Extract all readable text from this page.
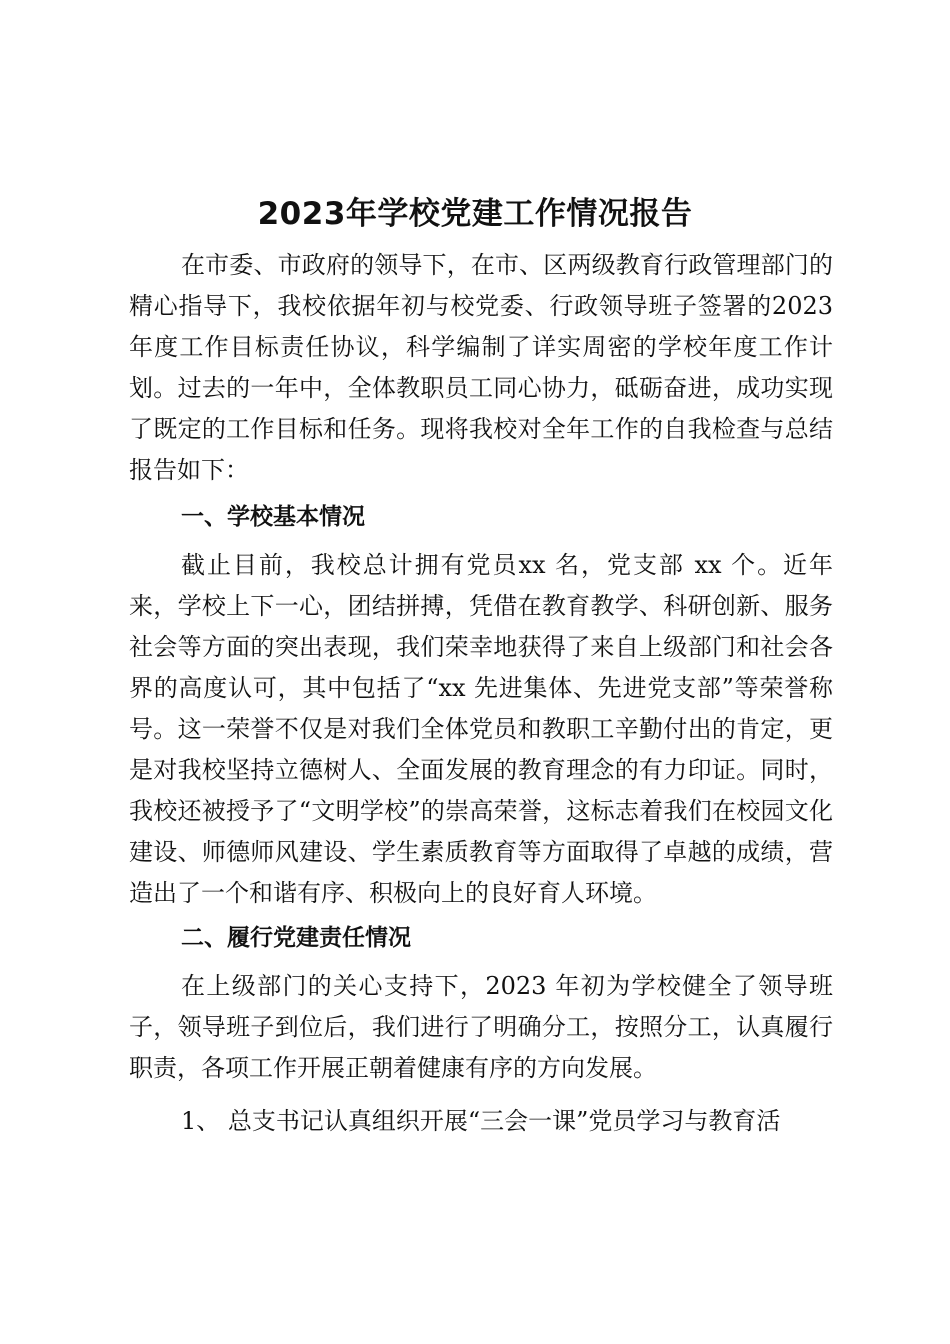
2023年学校党建工作情况报告

在市委、市政府的领导下，在市、区两级教育行政管理部门的精心指导下，我校依据年初与校党委、行政领导班子签署的2023 年度工作目标责任协议，科学编制了详实周密的学校年度工作计划。过去的一年中，全体教职员工同心协力，砥砺奋进，成功实现了既定的工作目标和任务。现将我校对全年工作的自我检查与总结报告如下：

一、学校基本情况

截止目前，我校总计拥有党员xx 名，党支部 xx 个。近年来，学校上下一心，团结拼搏，凭借在教育教学、科研创新、服务社会等方面的突出表现，我们荣幸地获得了来自上级部门和社会各界的高度认可，其中包括了“xx 先进集体、先进党支部”等荣誉称号。这一荣誉不仅是对我们全体党员和教职工辛勤付出的肯定，更是对我校坚持立德树人、全面发展的教育理念的有力印证。同时，我校还被授予了“文明学校”的崇高荣誉，这标志着我们在校园文化建设、师德师风建设、学生素质教育等方面取得了卓越的成绩，营造出了一个和谐有序、积极向上的良好育人环境。

二、履行党建责任情况

在上级部门的关心支持下，2023 年初为学校健全了领导班子，领导班子到位后，我们进行了明确分工，按照分工，认真履行职责，各项工作开展正朝着健康有序的方向发展。

1、 总支书记认真组织开展“三会一课”党员学习与教育活
